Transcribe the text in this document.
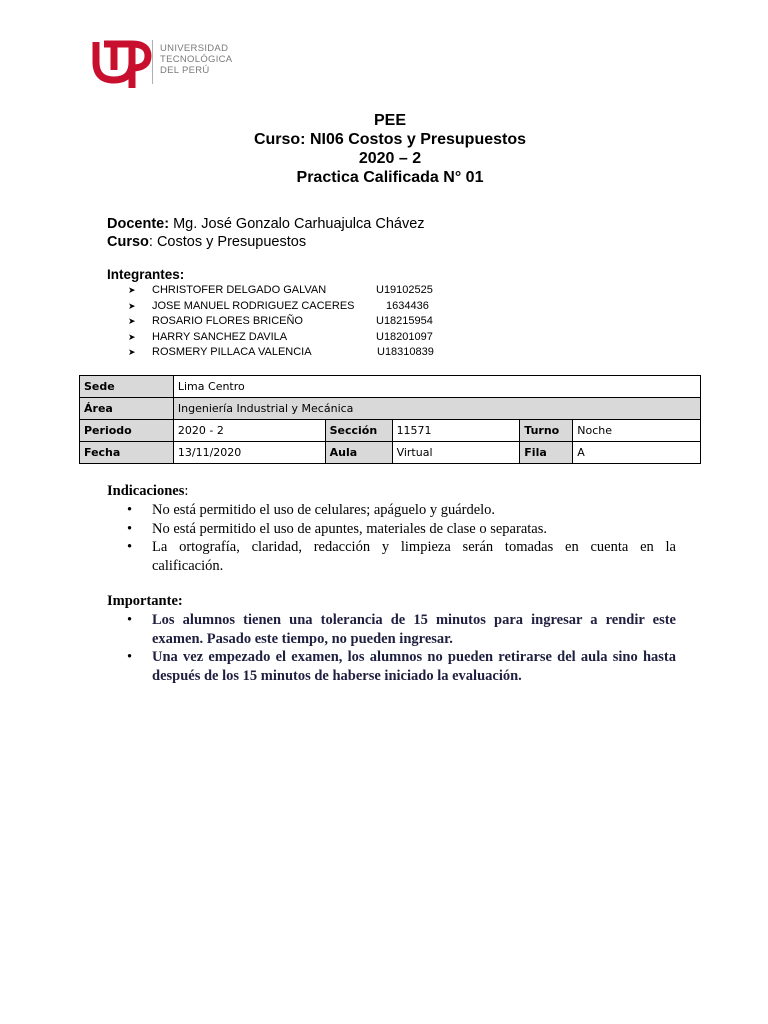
UNIVERSIDAD
TECNOLÓGICA
DEL PERÚ
PEE
Curso: NI06 Costos y Presupuestos
2020 – 2
Practica Calificada N° 01
Docente: Mg. José Gonzalo Carhuajulca Chávez
Curso: Costos y Presupuestos
Integrantes:
➤ CHRISTOFER DELGADO GALVAN	U19102525
➤ JOSE MANUEL RODRIGUEZ CACERES	1634436
➤ ROSARIO FLORES BRICEÑO	U18215954
➤ HARRY SANCHEZ DAVILA	U18201097
➤ ROSMERY PILLACA VALENCIA	U18310839
Sede	Lima Centro				
Área	Ingeniería Industrial y Mecánica				
Periodo	2020 - 2	Sección	11571	Turno	Noche
Fecha	13/11/2020	Aula	Virtual	Fila	A
Indicaciones:
• No está permitido el uso de celulares; apáguelo y guárdelo.
• No está permitido el uso de apuntes, materiales de clase o separatas.
• La ortografía, claridad, redacción y limpieza serán tomadas en cuenta en la
calificación.
Importante:
• Los alumnos tienen una tolerancia de 15 minutos para ingresar a rendir este
examen. Pasado este tiempo, no pueden ingresar.
• Una vez empezado el examen, los alumnos no pueden retirarse del aula sino hasta
después de los 15 minutos de haberse iniciado la evaluación.
